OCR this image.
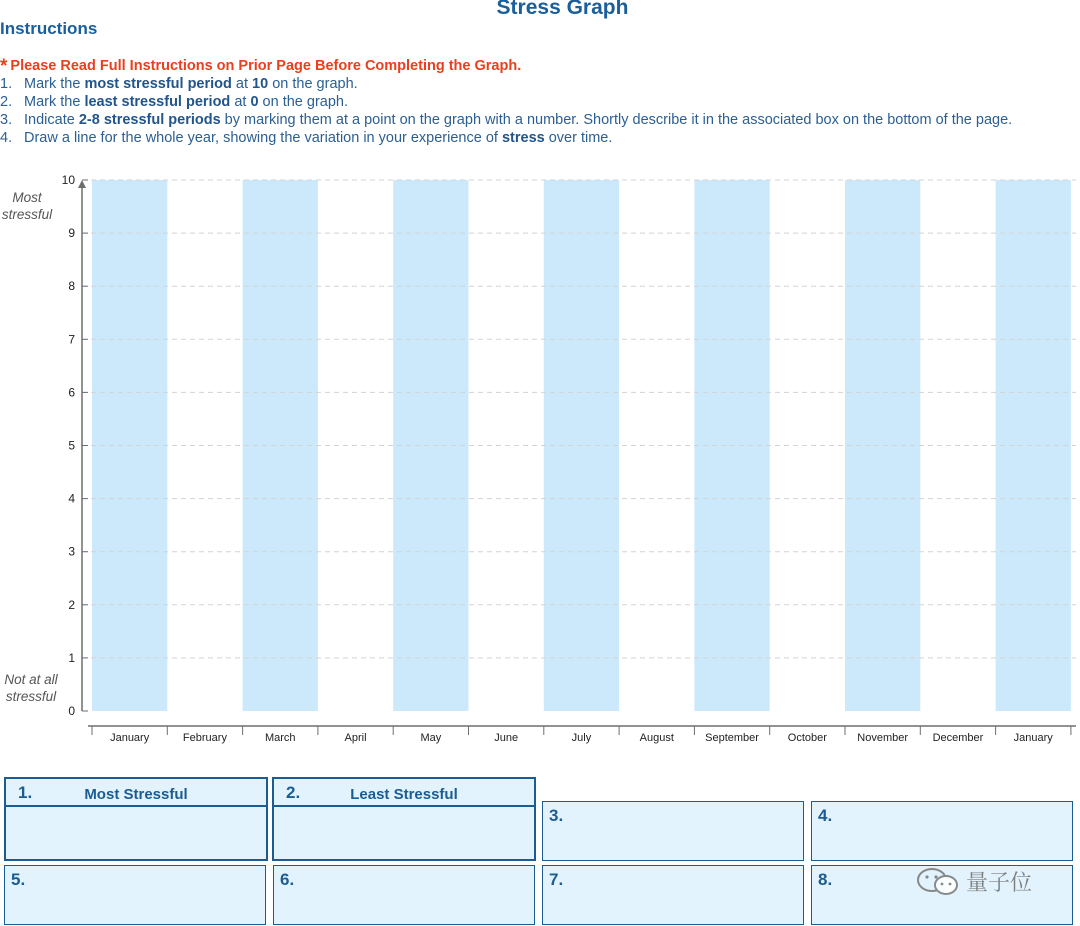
Stress Graph
Instructions
* Please Read Full Instructions on Prior Page Before Completing the Graph.
1. Mark the most stressful period at 10 on the graph.
2. Mark the least stressful period at 0 on the graph.
3. Indicate 2-8 stressful periods by marking them at a point on the graph with a number. Shortly describe it in the associated box on the bottom of the page.
4. Draw a line for the whole year, showing the variation in your experience of stress over time.
0
1
2
3
4
5
6
7
8
9
10
Most
stressful
Not at all
stressful
January	February	March	April	May	June	July	August	September	October	November December	January
1.	Most Stressful	2.	Least Stressful
3.	4.
5.	6.	7.	8.	量子位
